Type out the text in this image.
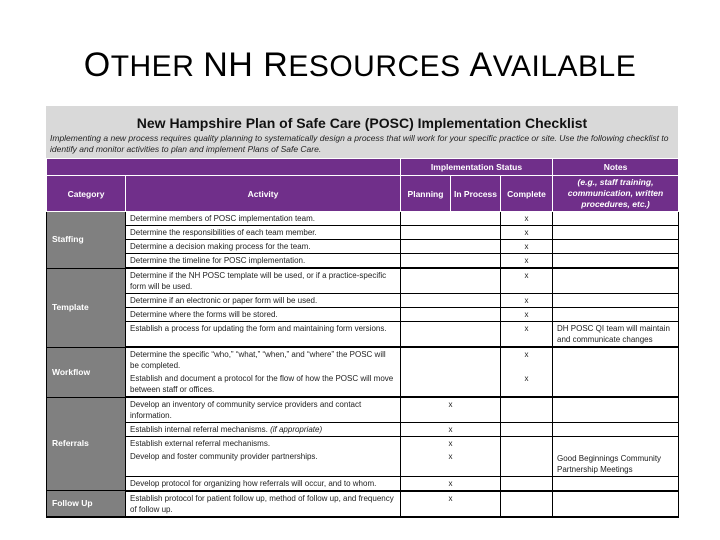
OTHER NH RESOURCES AVAILABLE
New Hampshire Plan of Safe Care (POSC) Implementation Checklist
Implementing a new process requires quality planning to systematically design a process that will work for your specific practice or site. Use the following checklist to identify and monitor activities to plan and implement Plans of Safe Care.
		Implementation Status			Notes
Category	Activity	Planning	In Process	Complete	(e.g., staff training, communication, written procedures, etc.)
Staffing	Determine members of POSC implementation team.			x	
	Determine the responsibilities of each team member.			x	
	Determine a decision making process for the team.			x	
	Determine the timeline for POSC implementation.			x	
Template	Determine if the NH POSC template will be used, or if a practice-specific form will be used.			x	
	Determine if an electronic or paper form will be used.			x	
	Determine where the forms will be stored.			x	
	Establish a process for updating the form and maintaining form versions.			x	DH POSC QI team will maintain and communicate changes
Workflow	Determine the specific “who,” “what,” “when,” and “where” the POSC will be completed.			x	
	Establish and document a protocol for the flow of how the POSC will move between staff or offices.			x	
Referrals	Develop an inventory of community service providers and contact information.	x			
	Establish internal referral mechanisms. (if appropriate)	x			
	Establish external referral mechanisms.	x			
	Develop and foster community provider partnerships.	x			Good Beginnings Community Partnership Meetings
	Develop protocol for organizing how referrals will occur, and to whom.	x			
Follow Up	Establish protocol for patient follow up, method of follow up, and frequency of follow up.	x			
